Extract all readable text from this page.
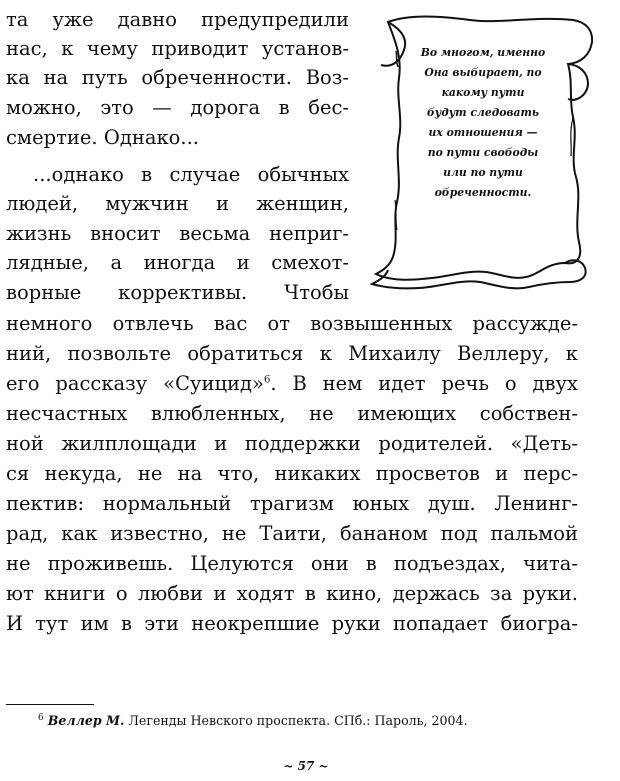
та уже давно предупредили
нас, к чему приводит установ-
ка на путь обреченности. Воз-
можно, это — дорога в бес-
смертие. Однако...
...однако в случае обычных
людей, мужчин и женщин,
жизнь вносит весьма неприг-
лядные, а иногда и смехот-
ворные коррективы. Чтобы
немного отвлечь вас от возвышенных рассужде-
ний, позвольте обратиться к Михаилу Веллеру, к
его рассказу «Суицид»$^6$. В нем идет речь о двух
несчастных влюбленных, не имеющих собствен-
ной жилплощади и поддержки родителей. «Деть-
ся некуда, не на что, никаких просветов и перс-
пектив: нормальный трагизм юных душ. Ленинг-
рад, как известно, не Таити, бананом под пальмой
не проживешь. Целуются они в подъездах, чита-
ют книги о любви и ходят в кино, держась за руки.
И тут им в эти неокрепшие руки попадает биогра-
Во многом, именно
Она выбирает, по
какому пути
будут следовать
их отношения —
по пути свободы
или по пути
обреченности.
$^6$ Веллер М. Легенды Невского проспекта. СПб.: Пароль, 2004.
~ 57 ~
